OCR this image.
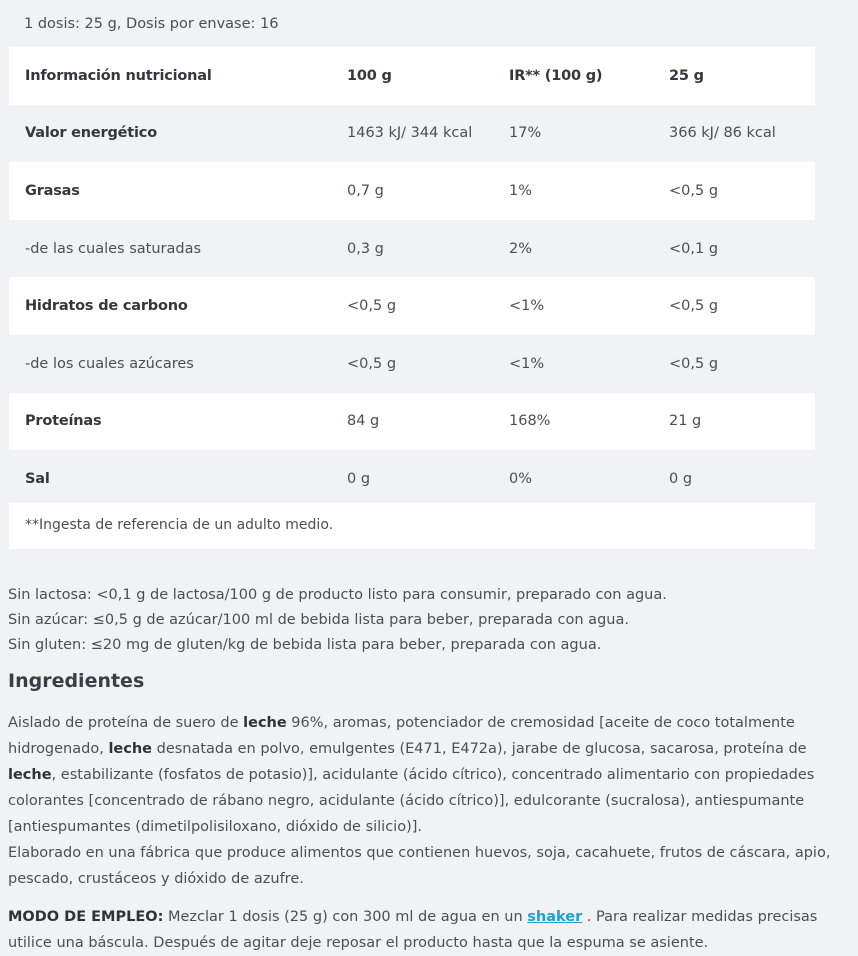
1 dosis: 25 g, Dosis por envase: 16
Información nutricional	100 g	IR** (100 g)	25 g
Valor energético	1463 kJ/ 344 kcal	17%	366 kJ/ 86 kcal
Grasas	0,7 g	1%	<0,5 g
-de las cuales saturadas	0,3 g	2%	<0,1 g
Hidratos de carbono	<0,5 g	<1%	<0,5 g
-de los cuales azúcares	<0,5 g	<1%	<0,5 g
Proteínas	84 g	168%	21 g
Sal	0 g	0%	0 g
**Ingesta de referencia de un adulto medio.
Sin lactosa: <0,1 g de lactosa/100 g de producto listo para consumir, preparado con agua.
Sin azúcar: ≤0,5 g de azúcar/100 ml de bebida lista para beber, preparada con agua.
Sin gluten: ≤20 mg de gluten/kg de bebida lista para beber, preparada con agua.
Ingredientes
Aislado de proteína de suero de leche 96%, aromas, potenciador de cremosidad [aceite de coco totalmente hidrogenado, leche desnatada en polvo, emulgentes (E471, E472a), jarabe de glucosa, sacarosa, proteína de leche, estabilizante (fosfatos de potasio)], acidulante (ácido cítrico), concentrado alimentario con propiedades colorantes [concentrado de rábano negro, acidulante (ácido cítrico)], edulcorante (sucralosa), antiespumante [antiespumantes (dimetilpolisiloxano, dióxido de silicio)].
Elaborado en una fábrica que produce alimentos que contienen huevos, soja, cacahuete, frutos de cáscara, apio, pescado, crustáceos y dióxido de azufre.
MODO DE EMPLEO: Mezclar 1 dosis (25 g) con 300 ml de agua en un shaker . Para realizar medidas precisas utilice una báscula. Después de agitar deje reposar el producto hasta que la espuma se asiente.
